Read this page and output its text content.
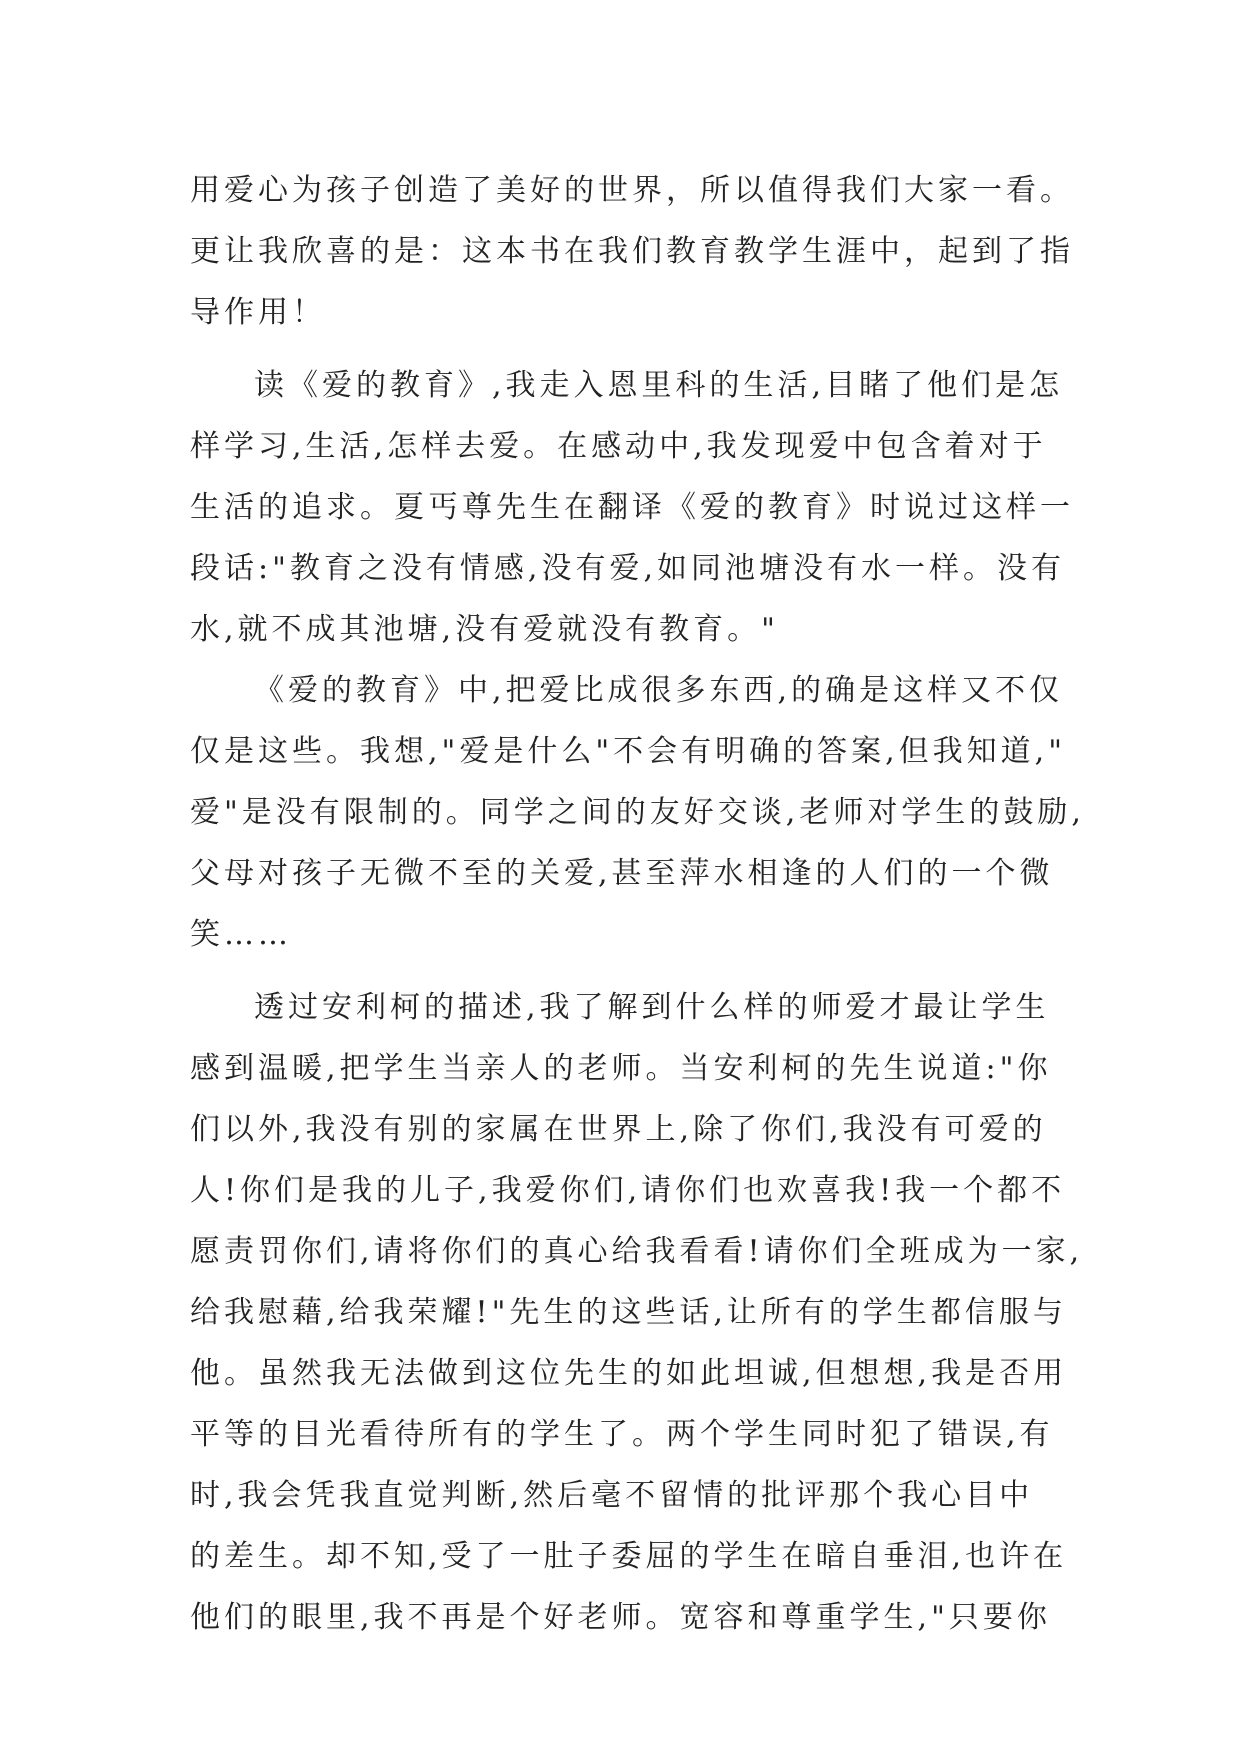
用爱心为孩子创造了美好的世界，所以值得我们大家一看。
更让我欣喜的是：这本书在我们教育教学生涯中，起到了指
导作用！
读《爱的教育》,我走入恩里科的生活,目睹了他们是怎
样学习,生活,怎样去爱。在感动中,我发现爱中包含着对于
生活的追求。夏丐尊先生在翻译《爱的教育》时说过这样一
段话:"教育之没有情感,没有爱,如同池塘没有水一样。没有
水,就不成其池塘,没有爱就没有教育。"
《爱的教育》中,把爱比成很多东西,的确是这样又不仅
仅是这些。我想,"爱是什么"不会有明确的答案,但我知道,"
爱"是没有限制的。同学之间的友好交谈,老师对学生的鼓励,
父母对孩子无微不至的关爱,甚至萍水相逢的人们的一个微
笑……
透过安利柯的描述,我了解到什么样的师爱才最让学生
感到温暖,把学生当亲人的老师。当安利柯的先生说道:"你
们以外,我没有别的家属在世界上,除了你们,我没有可爱的
人!你们是我的儿子,我爱你们,请你们也欢喜我!我一个都不
愿责罚你们,请将你们的真心给我看看!请你们全班成为一家,
给我慰藉,给我荣耀!"先生的这些话,让所有的学生都信服与
他。虽然我无法做到这位先生的如此坦诚,但想想,我是否用
平等的目光看待所有的学生了。两个学生同时犯了错误,有
时,我会凭我直觉判断,然后毫不留情的批评那个我心目中
的差生。却不知,受了一肚子委屈的学生在暗自垂泪,也许在
他们的眼里,我不再是个好老师。宽容和尊重学生,"只要你
